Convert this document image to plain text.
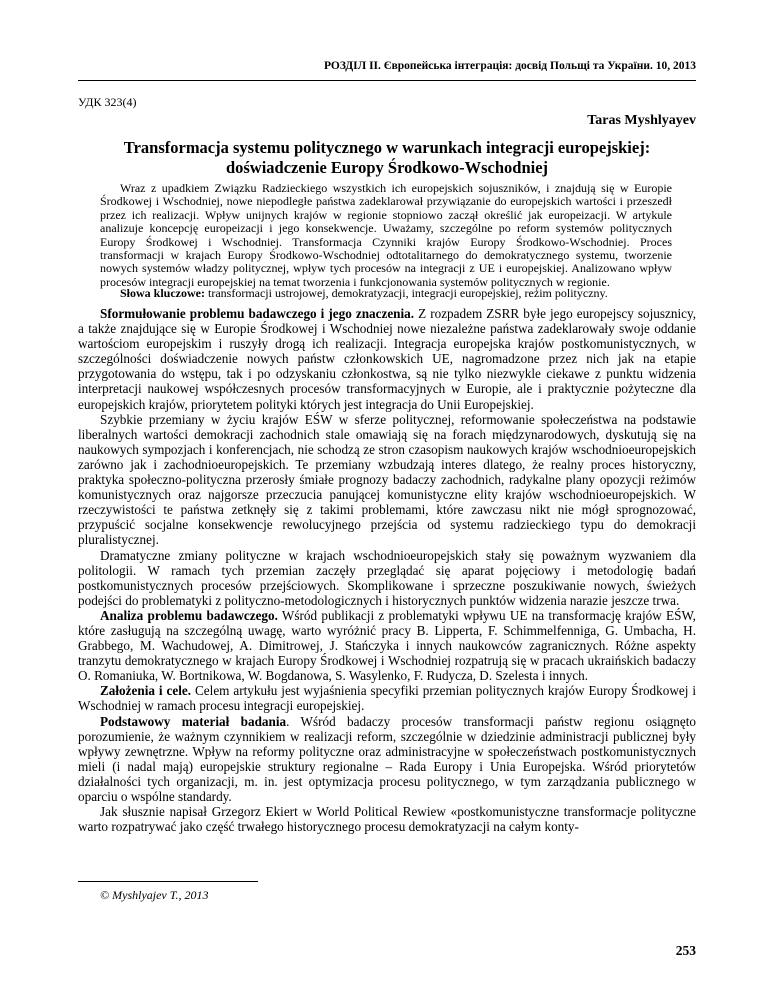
РОЗДІЛ II. Європейська інтеграція: досвід Польщі та України. 10, 2013
УДК 323(4)
Taras Myshlyayev
Transformacja systemu politycznego w warunkach integracji europejskiej:
doświadczenie Europy Środkowo-Wschodniej
Wraz z upadkiem Związku Radzieckiego wszystkich ich europejskich sojuszników, i znajdują się w Europie Środkowej i Wschodniej, nowe niepodległe państwa zadeklarował przywiązanie do europejskich wartości i przeszedł przez ich realizacji. Wpływ unijnych krajów w regionie stopniowo zaczął określić jak europeizacji. W artykule analizuje koncepcję europeizacji i jego konsekwencje. Uważamy, szczególne po reform systemów politycznych Europy Środkowej i Wschodniej. Transformacja Czynniki krajów Europy Środkowo-Wschodniej. Proces transformacji w krajach Europy Środkowo-Wschodniej odtotalitarnego do demokratycznego systemu, tworzenie nowych systemów władzy politycznej, wpływ tych procesów na integracji z UE i europejskiej. Analizowano wpływ procesów integracji europejskiej na temat tworzenia i funkcjonowania systemów politycznych w regionie.
Słowa kluczowe: transformacji ustrojowej, demokratyzacji, integracji europejskiej, reżim polityczny.

Sformułowanie problemu badawczego i jego znaczenia. Z rozpadem ZSRR byłe jego europejscy sojusznicy, a także znajdujące się w Europie Środkowej i Wschodniej nowe niezależne państwa zadeklarowały swoje oddanie wartościom europejskim i ruszyły drogą ich realizacji. Integracja europejska krajów postkomunistycznych, w szczególności doświadczenie nowych państw członkowskich UE, nagromadzone przez nich jak na etapie przygotowania do wstępu, tak i po odzyskaniu członkostwa, są nie tylko niezwykle ciekawe z punktu widzenia interpretacji naukowej współczesnych procesów transformacyjnych w Europie, ale i praktycznie pożyteczne dla europejskich krajów, priorytetem polityki których jest integracja do Unii Europejskiej.

Szybkie przemiany w życiu krajów EŚW w sferze politycznej, reformowanie społeczeństwa na podstawie liberalnych wartości demokracji zachodnich stale omawiają się na forach międzynarodowych, dyskutują się na naukowych sympozjach i konferencjach, nie schodzą ze stron czasopism naukowych krajów wschodnioeuropejskich zarówno jak i zachodnioeuropejskich. Te przemiany wzbudzają interes dlatego, że realny proces historyczny, praktyka społeczno-polityczna przerosły śmiałe prognozy badaczy zachodnich, radykalne plany opozycji reżimów komunistycznych oraz najgorsze przeczucia panującej komunistyczne elity krajów wschodnioeuropejskich. W rzeczywistości te państwa zetknęły się z takimi problemami, które zawczasu nikt nie mógł sprognozować, przypuścić socjalne konsekwencje rewolucyjnego przejścia od systemu radzieckiego typu do demokracji pluralistycznej.

Dramatyczne zmiany polityczne w krajach wschodnioeuropejskich stały się poważnym wyzwaniem dla politologii. W ramach tych przemian zaczęły przeglądać się aparat pojęciowy i metodologię badań postkomunistycznych procesów przejściowych. Skomplikowane i sprzeczne poszukiwanie nowych, świeżych podejści do problematyki z polityczno-metodologicznych i historycznych punktów widzenia narazie jeszcze trwa.

Analiza problemu badawczego. Wśród publikacji z problematyki wpływu UE na transformację krajów EŚW, które zasługują na szczególną uwagę, warto wyróżnić pracy B. Lipperta, F. Schimmelfenniga, G. Umbacha, H. Grabbego, M. Wachudowej, A. Dimitrowej, J. Stańczyka i innych naukowców zagranicznych. Różne aspekty tranzytu demokratycznego w krajach Europy Środkowej i Wschodniej rozpatrują się w pracach ukraińskich badaczy O. Romaniuka, W. Bortnikowa, W. Bogdanowa, S. Wasylenko, F. Rudycza, D. Szelesta i innych.

Założenia i cele. Celem artykułu jest wyjaśnienia specyfiki przemian politycznych krajów Europy Środkowej i Wschodniej w ramach procesu integracji europejskiej.

Podstawowy materiał badania. Wśród badaczy procesów transformacji państw regionu osiągnęto porozumienie, że ważnym czynnikiem w realizacji reform, szczególnie w dziedzinie administracji publicznej były wpływy zewnętrzne. Wpływ na reformy polityczne oraz administracyjne w społeczeństwach postkomunistycznych mieli (i nadal mają) europejskie struktury regionalne – Rada Europy i Unia Europejska. Wśród priorytetów działalności tych organizacji, m. in. jest optymizacja procesu politycznego, w tym zarządzania publicznego w oparciu o wspólne standardy.

Jak słusznie napisał Grzegorz Ekiert w World Political Rewiew «postkomunistyczne transformacje polityczne warto rozpatrywać jako część trwałego historycznego procesu demokratyzacji na całym konty-

© Myshlyajev T., 2013
253
